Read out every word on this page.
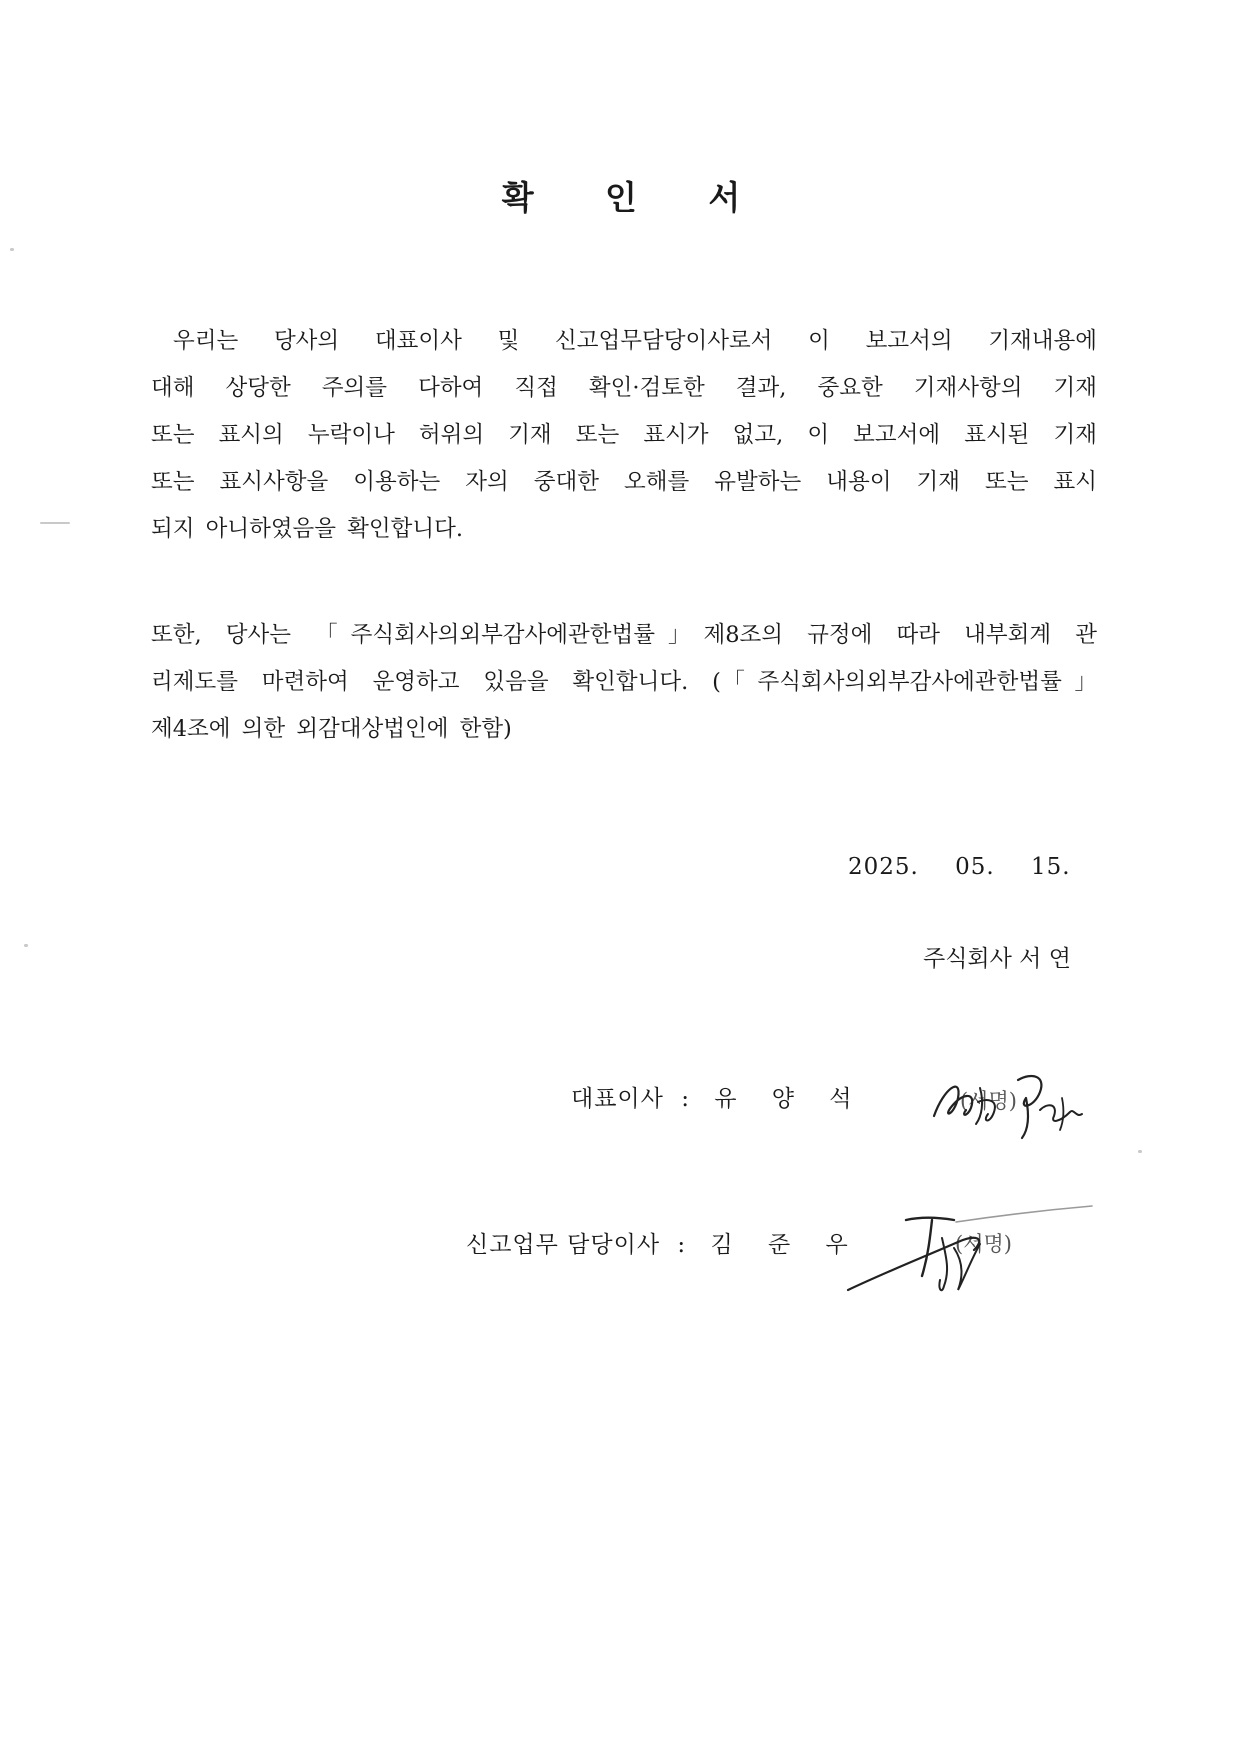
확 인 서
우리는 당사의 대표이사 및 신고업무담당이사로서 이 보고서의 기재내용에
대해 상당한 주의를 다하여 직접 확인·검토한 결과, 중요한 기재사항의 기재
또는 표시의 누락이나 허위의 기재 또는 표시가 없고, 이 보고서에 표시된 기재
또는 표시사항을 이용하는 자의 중대한 오해를 유발하는 내용이 기재 또는 표시
되지 아니하였음을 확인합니다.
또한, 당사는 「주식회사의외부감사에관한법률」제8조의 규정에 따라 내부회계 관
리제도를 마련하여 운영하고 있음을 확인합니다. (「주식회사의외부감사에관한법률」
제4조에 의한 외감대상법인에 한함)
2025. 05. 15.
주식회사 서 연
대표이사 : 유 양 석	(서명)
신고업무 담당이사 : 김 준 우	(서명)
